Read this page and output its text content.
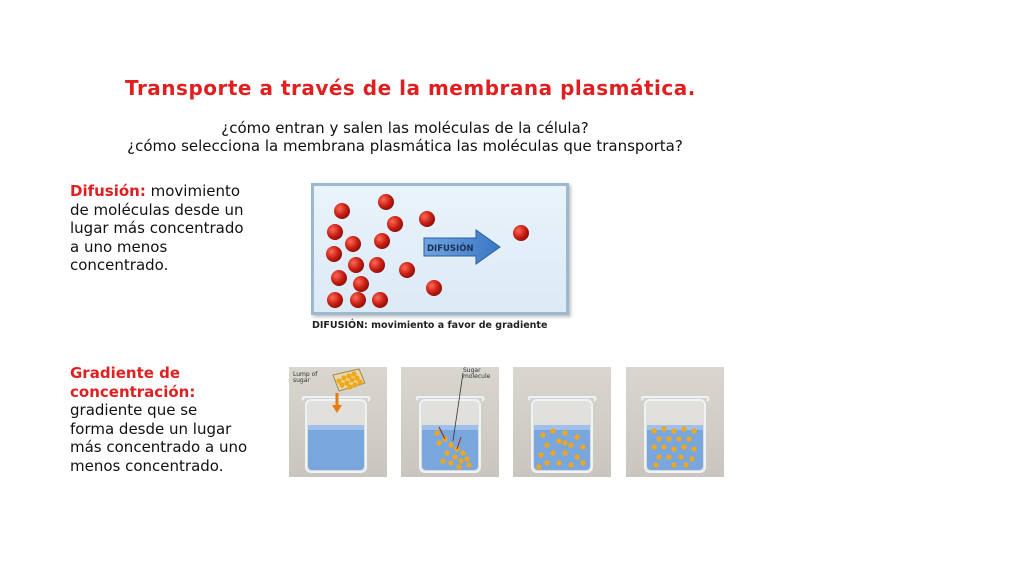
Transporte a través de la membrana plasmática.
¿cómo entran y salen las moléculas de la célula?
¿cómo selecciona la membrana plasmática las moléculas que transporta?
Difusión: movimiento
de moléculas desde un
lugar más concentrado
a uno menos
concentrado.
DIFUSIÓN
DIFUSIÓN: movimiento a favor de gradiente
Gradiente de
concentración:
gradiente que se
forma desde un lugar
más concentrado a uno
menos concentrado.
Lump of
sugar
Sugar
molecule
